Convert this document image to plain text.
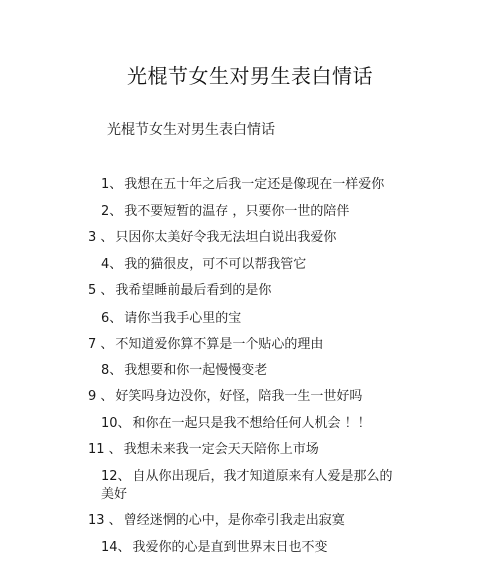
光棍节女生对男生表白情话
光棍节女生对男生表白情话
1、 我想在五十年之后我一定还是像现在一样爱你
2、 我不要短暂的温存 ，只要你一世的陪伴
3 、 只因你太美好令我无法坦白说出我爱你
4、 我的猫很皮，可不可以帮我管它
5 、 我希望睡前最后看到的是你
6、 请你当我手心里的宝
7 、 不知道爱你算不算是一个贴心的理由
8、 我想要和你一起慢慢变老
9 、 好笑吗身边没你，好怪，陪我一生一世好吗
10、 和你在一起只是我不想给任何人机会 ！！
11 、 我想未来我一定会天天陪你上市场
12、 自从你出现后，我才知道原来有人爱是那么的
美好
13 、 曾经迷惘的心中，是你牵引我走出寂寞
14、 我爱你的心是直到世界末日也不变
